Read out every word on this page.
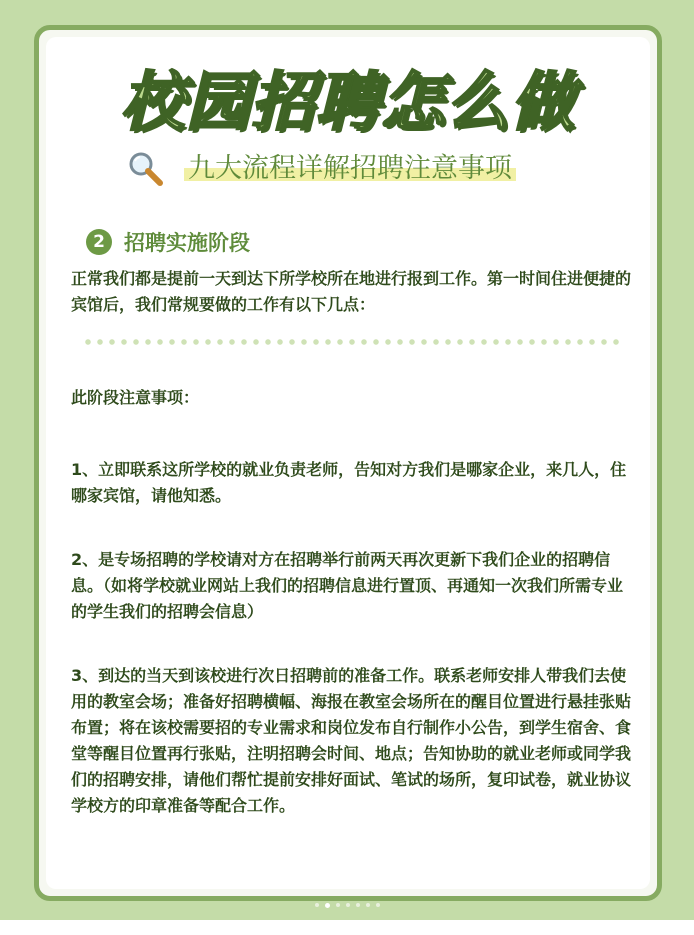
校园招聘怎么做
九大流程详解招聘注意事项
2 招聘实施阶段

正常我们都是提前一天到达下所学校所在地进行报到工作。第一时间住进便捷的宾馆后，我们常规要做的工作有以下几点：

此阶段注意事项：

1、立即联系这所学校的就业负责老师，告知对方我们是哪家企业，来几人，住哪家宾馆，请他知悉。

2、是专场招聘的学校请对方在招聘举行前两天再次更新下我们企业的招聘信息。（如将学校就业网站上我们的招聘信息进行置顶、再通知一次我们所需专业的学生我们的招聘会信息）

3、到达的当天到该校进行次日招聘前的准备工作。联系老师安排人带我们去使用的教室会场；准备好招聘横幅、海报在教室会场所在的醒目位置进行悬挂张贴布置；将在该校需要招的专业需求和岗位发布自行制作小公告，到学生宿舍、食堂等醒目位置再行张贴，注明招聘会时间、地点；告知协助的就业老师或同学我们的招聘安排，请他们帮忙提前安排好面试、笔试的场所，复印试卷，就业协议学校方的印章准备等配合工作。
